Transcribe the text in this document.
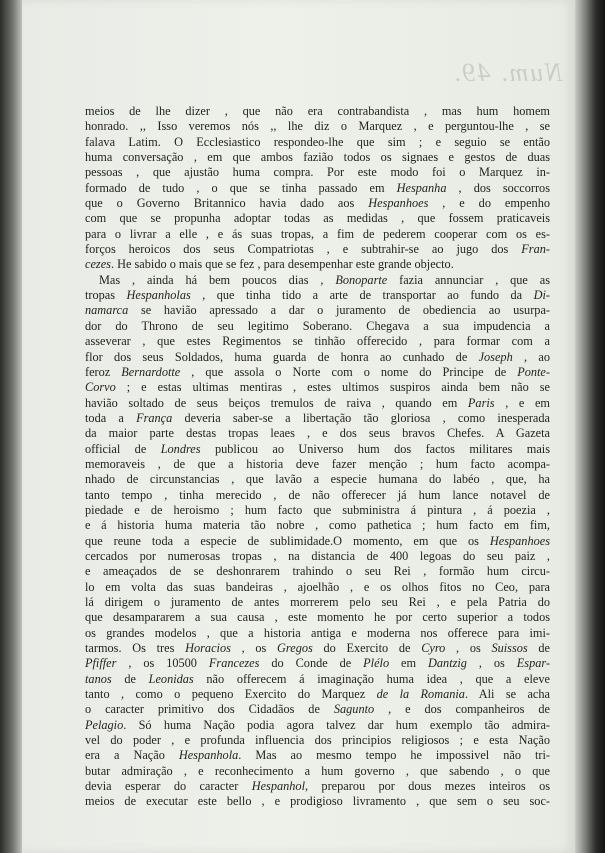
Num. 49.
meios de lhe dizer , que não era contrabandista , mas hum homem
honrado. ,, Isso veremos nós ,, lhe diz o Marquez , e perguntou-lhe , se
falava Latim. O Ecclesiastico respondeo-lhe que sim ; e seguio se então
huma conversação , em que ambos fazião todos os signaes e gestos de duas
pessoas , que ajustão huma compra. Por este modo foi o Marquez in-
formado de tudo , o que se tinha passado em Hespanha , dos soccorros
que o Governo Britannico havia dado aos Hespanhoes , e do empenho
com que se propunha adoptar todas as medidas , que fossem praticaveis
para o livrar a elle , e ás suas tropas, a fim de pederem cooperar com os es-
forços heroicos dos seus Compatriotas , e subtrahir-se ao jugo dos Fran-
cezes. He sabido o mais que se fez , para desempenhar este grande objecto.
Mas , ainda há bem poucos dias , Bonoparte fazia annunciar , que as
tropas Hespanholas , que tinha tido a arte de transportar ao fundo da Di-
namarca se havião apressado a dar o juramento de obediencia ao usurpa-
dor do Throno de seu legitimo Soberano. Chegava a sua impudencia a
asseverar , que estes Regimentos se tinhão offerecido , para formar com a
flor dos seus Soldados, huma guarda de honra ao cunhado de Joseph , ao
feroz Bernardotte , que assola o Norte com o nome do Principe de Ponte-
Corvo ; e estas ultimas mentiras , estes ultimos suspiros ainda bem não se
havião soltado de seus beiços tremulos de raiva , quando em Paris , e em
toda a França deveria saber-se a libertação tão gloriosa , como inesperada
da maior parte destas tropas leaes , e dos seus bravos Chefes. A Gazeta
official de Londres publicou ao Universo hum dos factos militares mais
memoraveis , de que a historia deve fazer menção ; hum facto acompa-
nhado de circunstancias , que lavão a especie humana do labéo , que, ha
tanto tempo , tinha merecido , de não offerecer já hum lance notavel de
piedade e de heroismo ; hum facto que subministra á pintura , á poezia ,
e á historia huma materia tão nobre , como pathetica ; hum facto em fim,
que reune toda a especie de sublimidade.O momento, em que os Hespanhoes
cercados por numerosas tropas , na distancia de 400 legoas do seu paiz ,
e ameaçados de se deshonrarem trahindo o seu Rei , formão hum circu-
lo em volta das suas bandeiras , ajoelhão , e os olhos fitos no Ceo, para
lá dirigem o juramento de antes morrerem pelo seu Rei , e pela Patria do
que desampararem a sua causa , este momento he por certo superior a todos
os grandes modelos , que a historia antiga e moderna nos offerece para imi-
tarmos. Os tres Horacios , os Gregos do Exercito de Cyro , os Suissos de
Pfiffer , os 10500 Francezes do Conde de Plélo em Dantzig , os Espar-
tanos de Leonidas não offerecem á imaginação huma idea , que a eleve
tanto , como o pequeno Exercito do Marquez de la Romania. Ali se acha
o caracter primitivo dos Cidadãos de Sagunto , e dos companheiros de
Pelagio. Só huma Nação podia agora talvez dar hum exemplo tão admira-
vel do poder , e profunda influencia dos principios religiosos ; e esta Nação
era a Nação Hespanhola. Mas ao mesmo tempo he impossivel não tri-
butar admiração , e reconhecimento a hum governo , que sabendo , o que
devia esperar do caracter Hespanhol, preparou por dous mezes inteiros os
meios de executar este bello , e prodigioso livramento , que sem o seu soc-
